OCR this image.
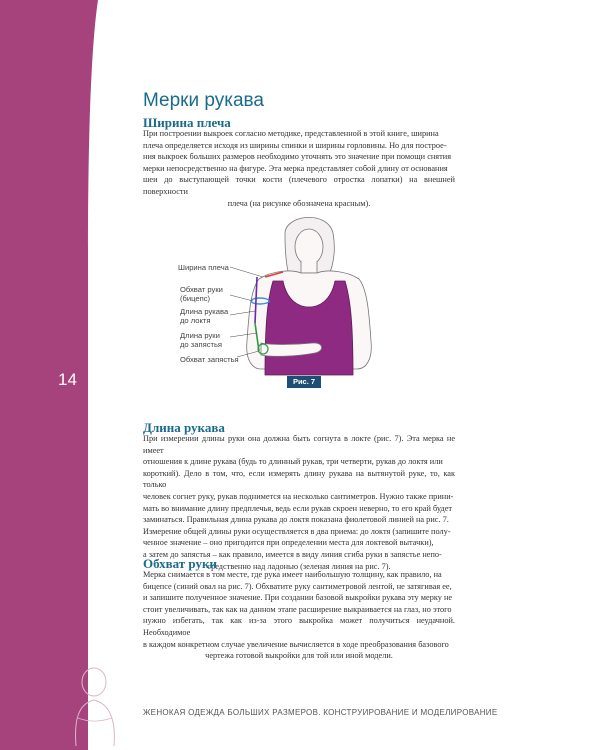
14
Мерки рукава
Ширина плеча
При построении выкроек согласно методике, представленной в этой книге, ширина
плеча определяется исходя из ширины спинки и ширины горловины. Но для построе-
ния выкроек больших размеров необходимо уточнять это значение при помощи снятия
мерки непосредственно на фигуре. Эта мерка представляет собой длину от основания
шеи до выступающей точки кости (плечевого отростка лопатки) на внешней поверхности
плеча (на рисунке обозначена красным).
Ширина плеча
Обхват руки
(бицепс)
Длина рукава
до локтя
Длина руки
до запястья
Обхват запястья
Рис. 7
Длина рукава
При измерении длины руки она должна быть согнута в локте (рис. 7). Эта мерка не имеет
отношения к длине рукава (будь то длинный рукав, три четверти, рукав до локтя или
короткий). Дело в том, что, если измерять длину рукава на вытянутой руке, то, как только
человек согнет руку, рукав поднимется на несколько сантиметров. Нужно также прини-
мать во внимание длину предплечья, ведь если рукав скроен неверно, то его край будет
заминаться. Правильная длина рукава до локтя показана фиолетовой линией на рис. 7.
Измерение общей длины руки осуществляется в два приема: до локтя (запишите полу-
ченное значение – оно пригодится при определении места для локтевой вытачки),
а затем до запястья – как правило, имеется в виду линия сгиба руки в запястье непо-
средственно над ладонью (зеленая линия на рис. 7).
Обхват руки
Мерка снимается в том месте, где рука имеет наибольшую толщину, как правило, на
бицепсе (синий овал на рис. 7). Обхватите руку сантиметровой лентой, не затягивая ее,
и запишите полученное значение. При создании базовой выкройки рукава эту мерку не
стоит увеличивать, так как на данном этапе расширение выкраивается на глаз, но этого
нужно избегать, так как из-за этого выкройка может получиться неудачной. Необходимое
в каждом конкретном случае увеличение вычисляется в ходе преобразования базового
чертежа готовой выкройки для той или иной модели.
ЖЕНОКАЯ ОДЕЖДА БОЛЬШИХ РАЗМЕРОВ. КОНСТРУИРОВАНИЕ И МОДЕЛИРОВАНИЕ
